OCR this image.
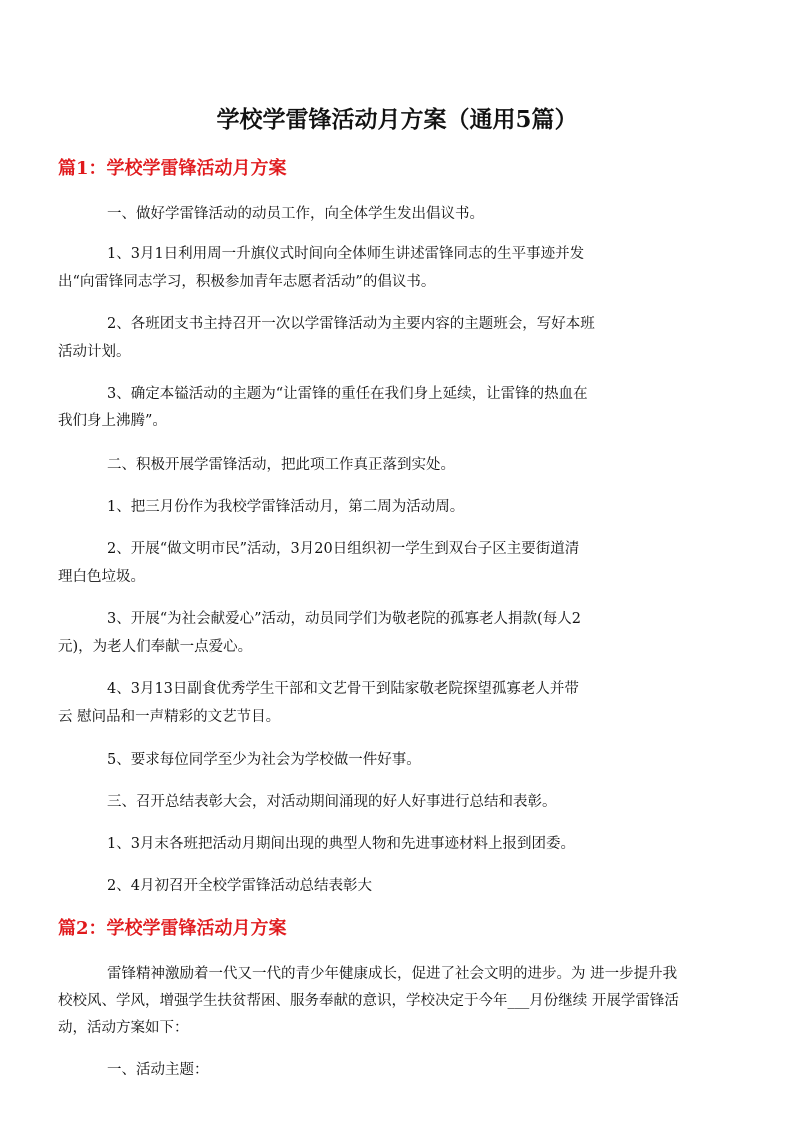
学校学雷锋活动月方案（通用5篇）
篇1：学校学雷锋活动月方案
一、做好学雷锋活动的动员工作，向全体学生发出倡议书。
1、3月1日利用周一升旗仪式时间向全体师生讲述雷锋同志的生平事迹并发
出“向雷锋同志学习，积极参加青年志愿者活动”的倡议书。
2、各班团支书主持召开一次以学雷锋活动为主要内容的主题班会，写好本班
活动计划。
3、确定本镒活动的主题为“让雷锋的重任在我们身上延续，让雷锋的热血在
我们身上沸腾”。
二、积极开展学雷锋活动，把此项工作真正落到实处。
1、把三月份作为我校学雷锋活动月，第二周为活动周。
2、开展“做文明市民”活动，3月20日组织初一学生到双台子区主要街道清
理白色垃圾。
3、开展“为社会献爱心”活动，动员同学们为敬老院的孤寡老人捐款(每人2
元)，为老人们奉献一点爱心。
4、3月13日副食优秀学生干部和文艺骨干到陆家敬老院探望孤寡老人并带
云 慰问品和一声精彩的文艺节目。
5、要求每位同学至少为社会为学校做一件好事。
三、召开总结表彰大会，对活动期间涌现的好人好事进行总结和表彰。
1、3月末各班把活动月期间出现的典型人物和先进事迹材料上报到团委。
2、4月初召开全校学雷锋活动总结表彰大
篇2：学校学雷锋活动月方案
雷锋精神激励着一代又一代的青少年健康成长，促进了社会文明的进步。为 进一步提升我
校校风、学风，增强学生扶贫帮困、服务奉献的意识，学校决定于今年___月份继续 开展学雷锋活
动，活动方案如下：
一、活动主题：
